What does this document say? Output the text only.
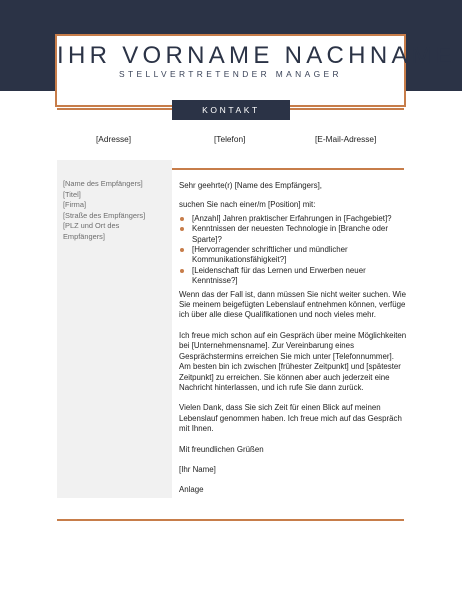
IHR VORNAME NACHNAME
STELLVERTRETENDER MANAGER
KONTAKT
[Adresse]	[Telefon]	[E-Mail-Adresse]
[Name des Empfängers]
[Titel]
[Firma]
[Straße des Empfängers]
[PLZ und Ort des
Empfängers]

Sehr geehrte(r) [Name des Empfängers],

suchen Sie nach einer/m [Position] mit:

[Anzahl] Jahren praktischer Erfahrungen in [Fachgebiet]?
Kenntnissen der neuesten Technologie in [Branche oder Sparte]?
[Hervorragender schriftlicher und mündlicher Kommunikationsfähigkeit?]
[Leidenschaft für das Lernen und Erwerben neuer Kenntnisse?]

Wenn das der Fall ist, dann müssen Sie nicht weiter suchen. Wie Sie meinem beigefügten Lebenslauf entnehmen können, verfüge ich über alle diese Qualifikationen und noch vieles mehr.

Ich freue mich schon auf ein Gespräch über meine Möglichkeiten bei [Unternehmensname]. Zur Vereinbarung eines Gesprächstermins erreichen Sie mich unter [Telefonnummer]. Am besten bin ich zwischen [frühester Zeitpunkt] und [spätester Zeitpunkt] zu erreichen. Sie können aber auch jederzeit eine Nachricht hinterlassen, und ich rufe Sie dann zurück.

Vielen Dank, dass Sie sich Zeit für einen Blick auf meinen Lebenslauf genommen haben. Ich freue mich auf das Gespräch mit Ihnen.

Mit freundlichen Grüßen

[Ihr Name]

Anlage
